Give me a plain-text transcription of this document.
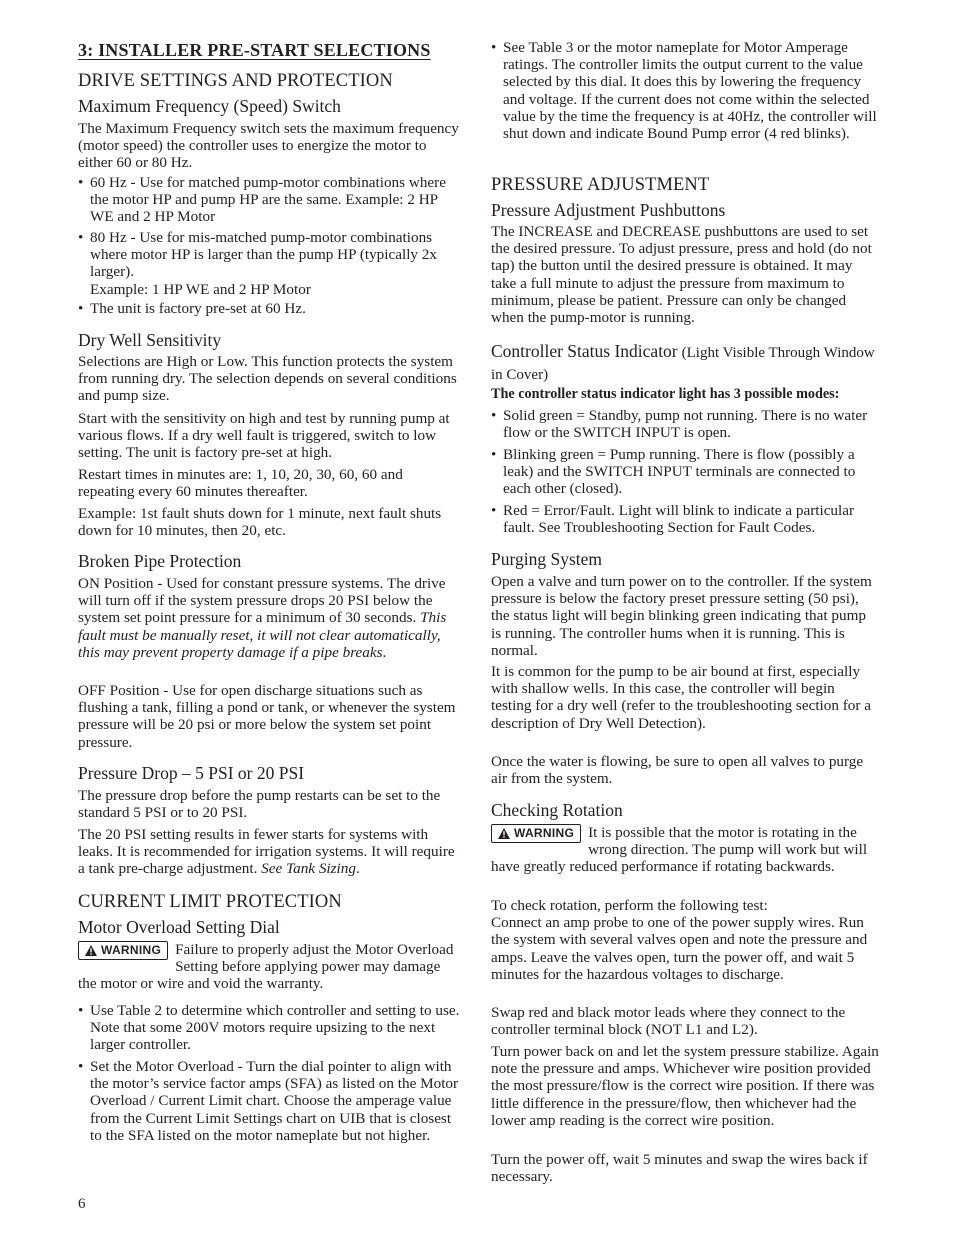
3: INSTALLER PRE-START SELECTIONS
DRIVE SETTINGS AND PROTECTION
Maximum Frequency (Speed) Switch

The Maximum Frequency switch sets the maximum frequency (motor speed) the controller uses to energize the motor to either 60 or 80 Hz.

• 60 Hz - Use for matched pump-motor combinations where the motor HP and pump HP are the same. Example: 2 HP WE and 2 HP Motor

• 80 Hz - Use for mis-matched pump-motor combinations where motor HP is larger than the pump HP (typically 2x larger).
Example: 1 HP WE and 2 HP Motor

• The unit is factory pre-set at 60 Hz.

Dry Well Sensitivity

Selections are High or Low. This function protects the system from running dry. The selection depends on several conditions and pump size.

Start with the sensitivity on high and test by running pump at various flows. If a dry well fault is triggered, switch to low setting. The unit is factory pre-set at high.

Restart times in minutes are: 1, 10, 20, 30, 60, 60 and repeating every 60 minutes thereafter.

Example: 1st fault shuts down for 1 minute, next fault shuts down for 10 minutes, then 20, etc.

Broken Pipe Protection

ON Position - Used for constant pressure systems. The drive will turn off if the system pressure drops 20 PSI below the system set point pressure for a minimum of 30 seconds. This fault must be manually reset, it will not clear automatically, this may prevent property damage if a pipe breaks.

OFF Position - Use for open discharge situations such as flushing a tank, filling a pond or tank, or whenever the system pressure will be 20 psi or more below the system set point pressure.

Pressure Drop – 5 PSI or 20 PSI

The pressure drop before the pump restarts can be set to the standard 5 PSI or to 20 PSI.

The 20 PSI setting results in fewer starts for systems with leaks. It is recommended for irrigation systems. It will require a tank pre-charge adjustment. See Tank Sizing.

CURRENT LIMIT PROTECTION
Motor Overload Setting Dial
WARNING Failure to properly adjust the Motor Overload Setting before applying power may damage the motor or wire and void the warranty.

• Use Table 2 to determine which controller and setting to use. Note that some 200V motors require upsizing to the next larger controller.

• Set the Motor Overload - Turn the dial pointer to align with the motor’s service factor amps (SFA) as listed on the Motor Overload / Current Limit chart. Choose the amperage value from the Current Limit Settings chart on UIB that is closest to the SFA listed on the motor nameplate but not higher.

• See Table 3 or the motor nameplate for Motor Amperage ratings. The controller limits the output current to the value selected by this dial. It does this by lowering the frequency and voltage. If the current does not come within the selected value by the time the frequency is at 40Hz, the controller will shut down and indicate Bound Pump error (4 red blinks).

PRESSURE ADJUSTMENT
Pressure Adjustment Pushbuttons

The INCREASE and DECREASE pushbuttons are used to set the desired pressure. To adjust pressure, press and hold (do not tap) the button until the desired pressure is obtained. It may take a full minute to adjust the pressure from maximum to minimum, please be patient. Pressure can only be changed when the pump-motor is running.

Controller Status Indicator (Light Visible Through Window in Cover)
The controller status indicator light has 3 possible modes:

• Solid green = Standby, pump not running. There is no water flow or the SWITCH INPUT is open.

• Blinking green = Pump running. There is flow (possibly a leak) and the SWITCH INPUT terminals are connected to each other (closed).

• Red = Error/Fault. Light will blink to indicate a particular fault. See Troubleshooting Section for Fault Codes.

Purging System

Open a valve and turn power on to the controller. If the system pressure is below the factory preset pressure setting (50 psi), the status light will begin blinking green indicating that pump is running. The controller hums when it is running. This is normal.

It is common for the pump to be air bound at first, especially with shallow wells. In this case, the controller will begin testing for a dry well (refer to the troubleshooting section for a description of Dry Well Detection).

Once the water is flowing, be sure to open all valves to purge air from the system.

Checking Rotation
WARNING It is possible that the motor is rotating in the wrong direction. The pump will work but will have greatly reduced performance if rotating backwards.

To check rotation, perform the following test:
Connect an amp probe to one of the power supply wires. Run the system with several valves open and note the pressure and amps. Leave the valves open, turn the power off, and wait 5 minutes for the hazardous voltages to discharge.

Swap red and black motor leads where they connect to the controller terminal block (NOT L1 and L2).

Turn power back on and let the system pressure stabilize. Again note the pressure and amps. Whichever wire position provided the most pressure/flow is the correct wire position. If there was little difference in the pressure/flow, then whichever had the lower amp reading is the correct wire position.

Turn the power off, wait 5 minutes and swap the wires back if necessary.

6
